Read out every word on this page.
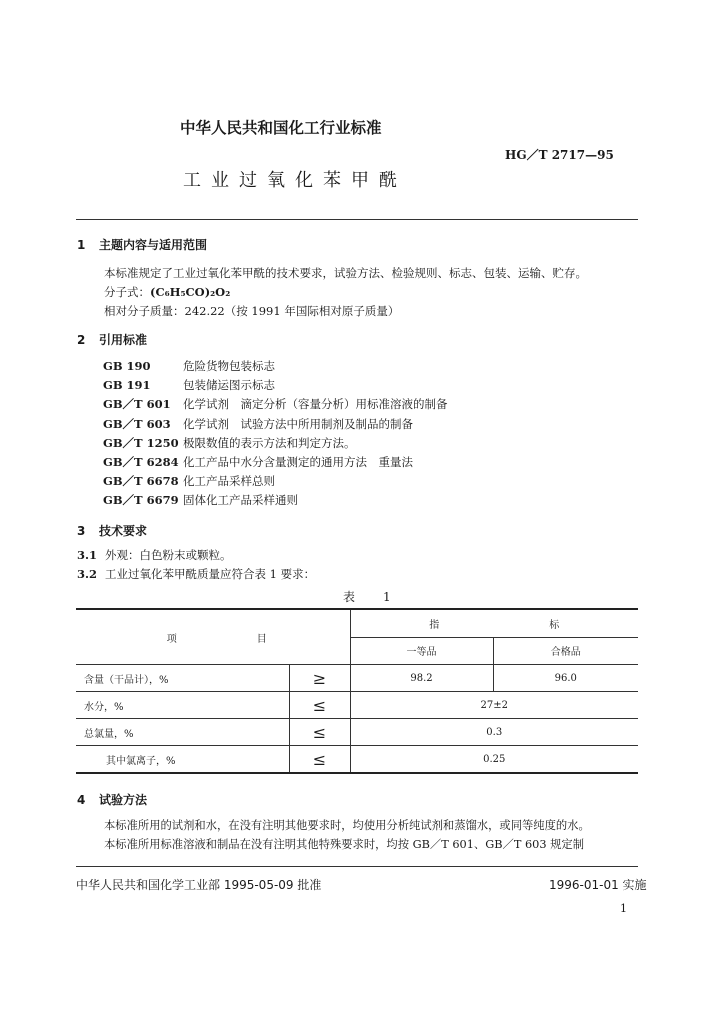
中华人民共和国化工行业标准
HG／T 2717—95
工业过氧化苯甲酰
1 主题内容与适用范围
本标准规定了工业过氧化苯甲酰的技术要求，试验方法、检验规则、标志、包装、运输、贮存。
分子式：(C₆H₅CO)₂O₂
相对分子质量：242.22（按 1991 年国际相对原子质量）
2 引用标准
GB 190	危险货物包装标志
GB 191	包装储运图示标志
GB／T 601 化学试剂　滴定分析（容量分析）用标准溶液的制备
GB／T 603 化学试剂　试验方法中所用制剂及制品的制备
GB／T 1250 极限数值的表示方法和判定方法。
GB／T 6284 化工产品中水分含量测定的通用方法　重量法
GB／T 6678 化工产品采样总则
GB／T 6679 固体化工产品采样通则
3 技术要求
3.1 外观：白色粉末或颗粒。
3.2 工业过氧化苯甲酰质量应符合表 1 要求：
表　1
项 目		指 标	
		一等品	合格品
含量（干品计），%	≥	98.2	96.0
水分，%	≤	27±2	
总氯量，%	≤	0.3	
其中氯离子，%	≤	0.25	
4 试验方法
本标准所用的试剂和水，在没有注明其他要求时，均使用分析纯试剂和蒸馏水，或同等纯度的水。
本标准所用标准溶液和制品在没有注明其他特殊要求时，均按 GB／T 601、GB／T 603 规定制
中华人民共和国化学工业部 1995-05-09 批准	1996-01-01 实施
1
